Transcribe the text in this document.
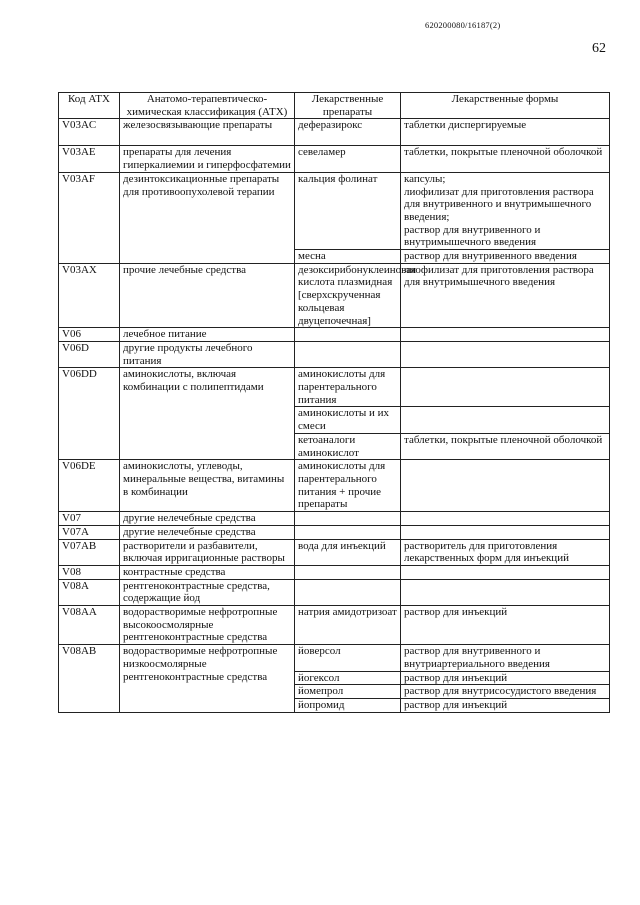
620200080/16187(2)
62
Код АТХ	Анатомо-терапевтическо-химическая классификация (АТХ)	Лекарственные препараты	Лекарственные формы
V03AC	железосвязывающие препараты	деферазирокс	таблетки диспергируемые
V03AE	препараты для лечения гиперкалиемии и гиперфосфатемии	севеламер	таблетки, покрытые пленочной оболочкой
V03AF	дезинтоксикационные препараты для противоопухолевой терапии	кальция фолинат	капсулы;
лиофилизат для приготовления раствора для внутривенного и внутримышечного введения;
раствор для внутривенного и внутримышечного введения
		месна	раствор для внутривенного введения
V03AX	прочие лечебные средства	дезоксирибонуклеиновая кислота плазмидная [сверхскрученная кольцевая двуцепочечная]	лиофилизат для приготовления раствора для внутримышечного введения
V06	лечебное питание		
V06D	другие продукты лечебного питания		
V06DD	аминокислоты, включая комбинации с полипептидами	аминокислоты для парентерального питания	
		аминокислоты и их смеси	
		кетоаналоги аминокислот	таблетки, покрытые пленочной оболочкой
V06DE	аминокислоты, углеводы, минеральные вещества, витамины в комбинации	аминокислоты для парентерального питания + прочие препараты	
V07	другие нелечебные средства		
V07A	другие нелечебные средства		
V07AB	растворители и разбавители, включая ирригационные растворы	вода для инъекций	растворитель для приготовления лекарственных форм для инъекций
V08	контрастные средства		
V08A	рентгеноконтрастные средства, содержащие йод		
V08AA	водорастворимые нефротропные высокоосмолярные рентгеноконтрастные средства	натрия амидотризоат	раствор для инъекций
V08AB	водорастворимые нефротропные низкоосмолярные рентгеноконтрастные средства	йоверсол	раствор для внутривенного и внутриартериального введения
		йогексол	раствор для инъекций
		йомепрол	раствор для внутрисосудистого введения
		йопромид	раствор для инъекций
